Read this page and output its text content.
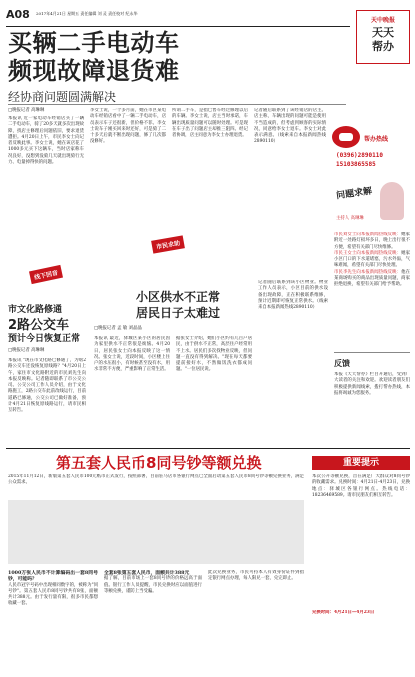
A08 2017年4月21日 星期五 责任编辑 刘 灵 责任校对 纪永华
天中晚报
天天
帮办
买辆二手电动车
频现故障退货难
经协商问题圆满解决
□晚报记者 高琳琳
本报讯 近一家电动车经销店买了一辆二手电动车，骑了20多天就多次出现故障，找店主修理后问题依旧，要求退货遭拒。4月20日上午，市民李女士向记者反映此事。李女士说，她在该店花了1000多元买下这辆车，当时店家称车况良好，没想到没骑几天就出现骑行无力、电量掉得快的问题。
李女士说，一个多月前，她在市区某电动车经销店看中了一辆二手电动车，店员表示车子还很新，但价格不菲。李女士说车子刚买回来时还好，可是骑了二十多天后就不断出现问题，修了几次都没修好。
所谓二手车，是指已售车经过修理以后的车辆。李女士说，店主当时承诺，车辆出现质量问题可以随时处理。可是现在车子出了问题店主却推三阻四。经记者协调，店主同意为李女士办理退货。
记者随后联系到了该经销店的店主。店主称，车辆出现的问题可能是使用不当造成的，但考虑到顾客的实际情况，同意给李女士退车。李女士对此表示满意。（线索来自本报新闻热线2890110）	帮办热线
(0396)2890110
15103865585
问题求解
主持人 高琳琳
市民刘女士向本报新闻热线反映：她家附近一处路灯损坏多日，晚上出行很不方便，希望有关部门尽快维修。
市民王女士向本报新闻热线反映：她家小区门口的下水道堵塞，污水外溢，气味难闻，希望有关部门尽快处理。
市民李先生向本报新闻热线反映：他在某商场购买的商品出现质量问题，商家拒绝退换，希望有关部门给予帮助。
反馈
本报《天天帮办》栏目开通后，受到广大读者的关注和欢迎。欢迎读者朋友们积极提供新闻线索，拨打帮办热线，本报将竭诚为您服务。
线下回音
市文化路修通
2路公交车
预计今日恢复正常
□晚报记者 高琳琳
本报讯 "现在市文化路已修通了，为啥2路公交车还没恢复原线路？"4月20日上午，家住市文化路附近的市民刘先生向本报反映称。记者随即联系了市公交公司。公交公司工作人员介绍，由于文化路施工，2路公交车此前改线运行，目前道路已修通，公交公司已做好准备，预计4月21日恢复原线路运行，请市民相互转告。
市民求助
小区供水不正常
居民日子太难过
□晚报记者 孟 敏 刘晶晶
本报讯 最近，驿城区某小区的居民因为家里供水不正常很是烦恼。4月20日，居民张女士向本报反映了这一情况。张女士说，近段时间，小区楼上住户的水压很小，有时候甚至没有水，用水非常不方便，严重影响了正常生活。
据张女士介绍，她们小区约有几百户居民，由于供水不正常，高层住户经常用不上水。居民们多次找物业反映，但问题一直没有得到解决。"现在每天都要提前接好水，不然做饭洗衣都成问题。"一位居民说。
记者随后联系到该小区物业。物业工作人员表示，小区目前的供水设备出现故障，正在积极联系维修，预计近期即可恢复正常供水。（线索来自本报新闻热线2890110）
第五套人民币8同号钞等额兑换
2015年11月12日，新版第五套人民币100元纸币正式发行，按照部署，目前驻马店市各银行网点已全面启动第五套人民币8同号钞等额兑换业务，满足公众需求。
1000万张人民币不计算编码出一套8同号钞，可能吗？
人民币冠字号码中出现相同数字的，被称为"同号钞"。第五套人民币8同号钞共有8张，面额共计388元。由于发行量有限，很多市民都想收藏一套。
全套8张第五套人民币，面额共计388元
据了解，目前市场上一套8同号钞的价格远高于面值。银行工作人员提醒，市民兑换时应以面值进行等额兑换，谨防上当受骗。
此次兑换业务，市民可持本人有效身份证件到指定银行网点办理，每人限兑一套，兑完即止。
重要提示
本次公开等额兑换，旨在满足广大群众对8同号钞的收藏需求。兑换时间：4月21日-4月23日，兑换地点：驿城区各银行网点。热线电话：18236469589。请市民朋友们相互转告。
兑换时间：4月21日—4月23日
